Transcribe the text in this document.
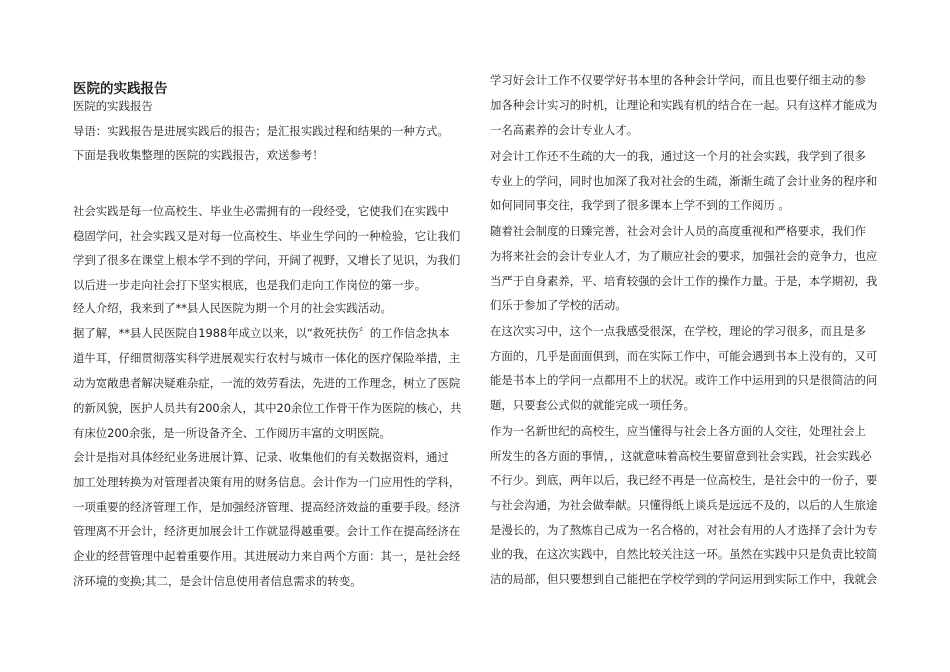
医院的实践报告
医院的实践报告
导语：实践报告是进展实践后的报告；是汇报实践过程和结果的一种方式。
下面是我收集整理的医院的实践报告，欢送参考！
社会实践是每一位高校生、毕业生必需拥有的一段经受，它使我们在实践中
稳固学问，社会实践又是对每一位高校生、毕业生学问的一种检验，它让我们
学到了很多在课堂上根本学不到的学问，开阔了视野，又增长了见识，为我们
以后进一步走向社会打下坚实根底，也是我们走向工作岗位的第一步。
经人介绍，我来到了**县人民医院为期一个月的社会实践活动。
据了解，**县人民医院自1988年成立以来，以“救死扶伤〞的工作信念执本
道牛耳，仔细贯彻落实科学进展观实行农村与城市一体化的医疗保险举措，主
动为宽敞患者解决疑难杂症，一流的效劳看法，先进的工作理念，树立了医院
的新风貌，医护人员共有200余人，其中20余位工作骨干作为医院的核心，共
有床位200余张，是一所设备齐全、工作阅历丰富的文明医院。
会计是指对具体经纪业务进展计算、记录、收集他们的有关数据资料，通过
加工处理转换为对管理者决策有用的财务信息。会计作为一门应用性的学科，
一项重要的经济管理工作，是加强经济管理、提高经济效益的重要手段。经济
管理离不开会计，经济更加展会计工作就显得越重要。会计工作在提高经济在
企业的经营管理中起着重要作用。其进展动力来自两个方面：其一，是社会经
济环境的变换;其二，是会计信息使用者信息需求的转变。
学习好会计工作不仅要学好书本里的各种会计学问，而且也要仔细主动的参
加各种会计实习的时机，让理论和实践有机的结合在一起。只有这样才能成为
一名高素养的会计专业人才。
对会计工作还不生疏的大一的我，通过这一个月的社会实践，我学到了很多
专业上的学问，同时也加深了我对社会的生疏，渐渐生疏了会计业务的程序和
如何同同事交往，我学到了很多课本上学不到的工作阅历 。
随着社会制度的日臻完善，社会对会计人员的高度重视和严格要求，我们作
为将来社会的会计专业人才，为了顺应社会的要求，加强社会的竞争力，也应
当严于自身素养，平、培育较强的会计工作的操作力量。于是，本学期初，我
们乐于参加了学校的活动。
在这次实习中，这个一点我感受很深，在学校，理论的学习很多，而且是多
方面的，几乎是面面俱到，而在实际工作中，可能会遇到书本上没有的，又可
能是书本上的学问一点都用不上的状况。或许工作中运用到的只是很简洁的问
题，只要套公式似的就能完成一项任务。
作为一名新世纪的高校生，应当懂得与社会上各方面的人交往，处理社会上
所发生的各方面的事情，，这就意味着高校生要留意到社会实践，社会实践必
不行少。到底，两年以后，我已经不再是一位高校生，是社会中的一份子，要
与社会沟通，为社会做奉献。只懂得纸上谈兵是远远不及的，以后的人生旅途
是漫长的，为了熬炼自己成为一名合格的，对社会有用的人才选择了会计为专
业的我，在这次实践中，自然比较关注这一环。虽然在实践中只是负责比较简
洁的局部，但只要想到自己能把在学校学到的学问运用到实际工作中，我就会
